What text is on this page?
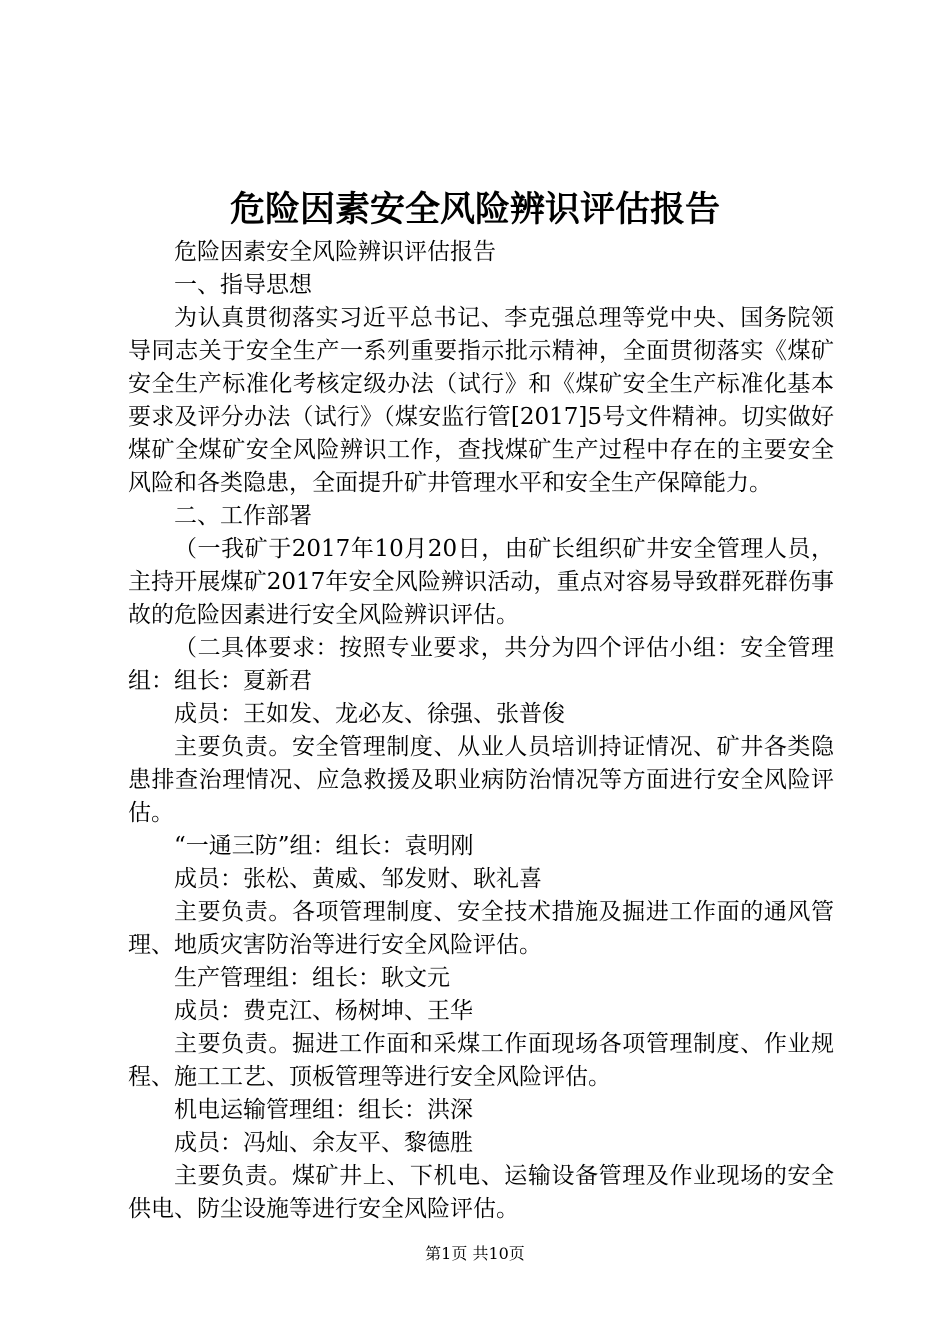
危险因素安全风险辨识评估报告

危险因素安全风险辨识评估报告

一、指导思想

为认真贯彻落实习近平总书记、李克强总理等党中央、国务院领导同志关于安全生产一系列重要指示批示精神，全面贯彻落实《煤矿安全生产标准化考核定级办法（试行》和《煤矿安全生产标准化基本要求及评分办法（试行》（煤安监行管[2017]5号文件精神。切实做好煤矿全煤矿安全风险辨识工作，查找煤矿生产过程中存在的主要安全风险和各类隐患，全面提升矿井管理水平和安全生产保障能力。

二、工作部署

（一我矿于2017年10月20日，由矿长组织矿井安全管理人员，主持开展煤矿2017年安全风险辨识活动，重点对容易导致群死群伤事故的危险因素进行安全风险辨识评估。

（二具体要求：按照专业要求，共分为四个评估小组：安全管理组：组长：夏新君

成员：王如发、龙必友、徐强、张普俊

主要负责。安全管理制度、从业人员培训持证情况、矿井各类隐患排查治理情况、应急救援及职业病防治情况等方面进行安全风险评估。

“一通三防”组：组长：袁明刚

成员：张松、黄威、邹发财、耿礼喜

主要负责。各项管理制度、安全技术措施及掘进工作面的通风管理、地质灾害防治等进行安全风险评估。

生产管理组：组长：耿文元

成员：费克江、杨树坤、王华

主要负责。掘进工作面和采煤工作面现场各项管理制度、作业规程、施工工艺、顶板管理等进行安全风险评估。

机电运输管理组：组长：洪深

成员：冯灿、余友平、黎德胜

主要负责。煤矿井上、下机电、运输设备管理及作业现场的安全供电、防尘设施等进行安全风险评估。

第1页 共10页
